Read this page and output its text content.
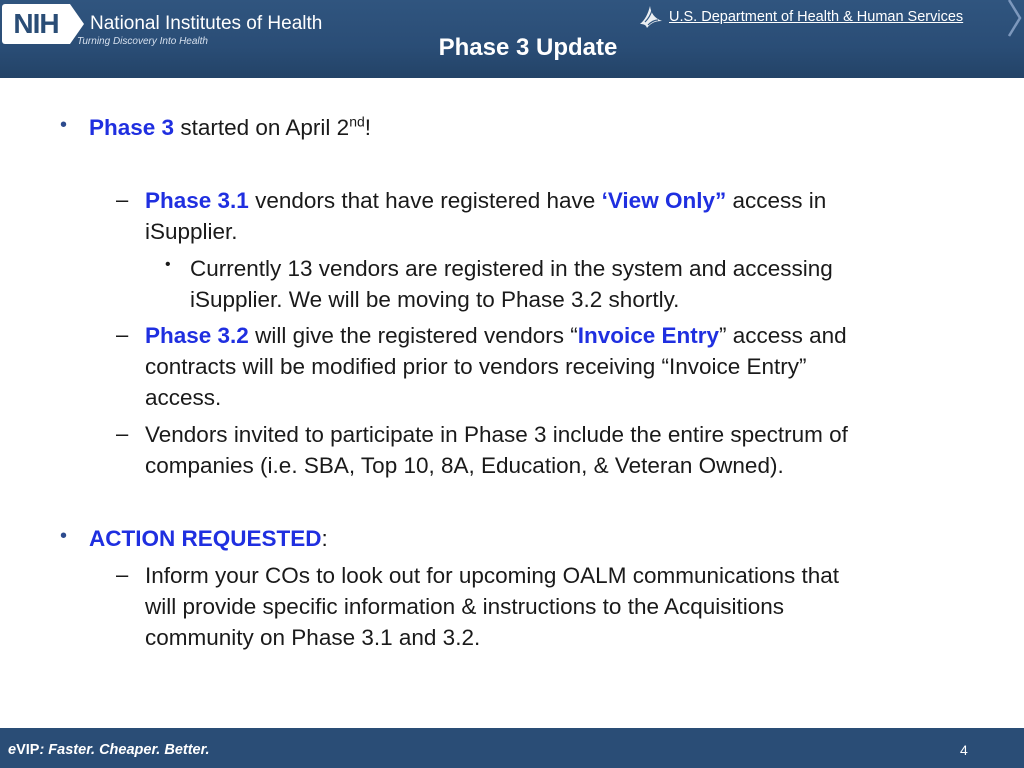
NIH National Institutes of Health
Turning Discovery Into Health
U.S. Department of Health & Human Services
Phase 3 Update
• Phase 3 started on April 2nd!
– Phase 3.1 vendors that have registered have ‘View Only” access in
iSupplier.
• Currently 13 vendors are registered in the system and accessing
iSupplier. We will be moving to Phase 3.2 shortly.
– Phase 3.2 will give the registered vendors “Invoice Entry” access and
contracts will be modified prior to vendors receiving “Invoice Entry”
access.
– Vendors invited to participate in Phase 3 include the entire spectrum of
companies (i.e. SBA, Top 10, 8A, Education, & Veteran Owned).
• ACTION REQUESTED:
– Inform your COs to look out for upcoming OALM communications that
will provide specific information & instructions to the Acquisitions
community on Phase 3.1 and 3.2.
eVIP: Faster. Cheaper. Better.	4
